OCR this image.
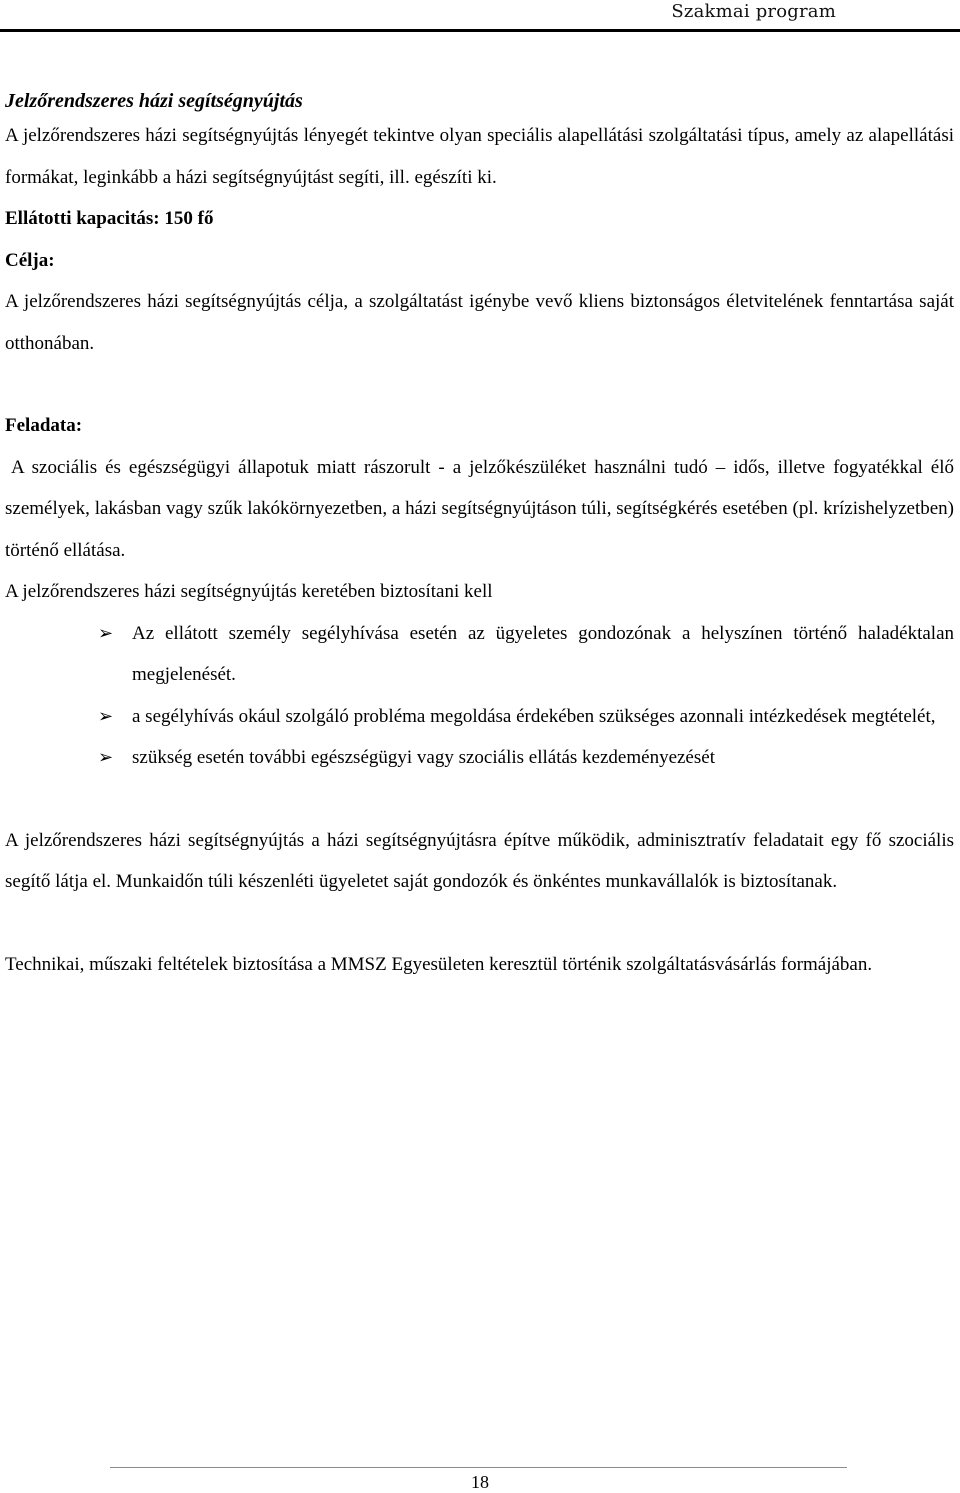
Szakmai program

Jelzőrendszeres házi segítségnyújtás

A jelzőrendszeres házi segítségnyújtás lényegét tekintve olyan speciális alapellátási szolgáltatási típus, amely az alapellátási formákat, leginkább a házi segítségnyújtást segíti, ill. egészíti ki.

Ellátotti kapacitás: 150 fő

Célja:

A jelzőrendszeres házi segítségnyújtás célja, a szolgáltatást igénybe vevő kliens biztonságos életvitelének fenntartása saját otthonában.

Feladata:

A szociális és egészségügyi állapotuk miatt rászorult - a jelzőkészüléket használni tudó – idős, illetve fogyatékkal élő személyek, lakásban vagy szűk lakókörnyezetben, a házi segítségnyújtáson túli, segítségkérés esetében (pl. krízishelyzetben) történő ellátása.

A jelzőrendszeres házi segítségnyújtás keretében biztosítani kell

➢ Az ellátott személy segélyhívása esetén az ügyeletes gondozónak a helyszínen történő haladéktalan megjelenését.
➢ a segélyhívás okául szolgáló probléma megoldása érdekében szükséges azonnali intézkedések megtételét,
➢ szükség esetén további egészségügyi vagy szociális ellátás kezdeményezését

A jelzőrendszeres házi segítségnyújtás a házi segítségnyújtásra építve működik, adminisztratív feladatait egy fő szociális segítő látja el. Munkaidőn túli készenléti ügyeletet saját gondozók és önkéntes munkavállalók is biztosítanak.

Technikai, műszaki feltételek biztosítása a MMSZ Egyesületen keresztül történik szolgáltatásvásárlás formájában.

18
